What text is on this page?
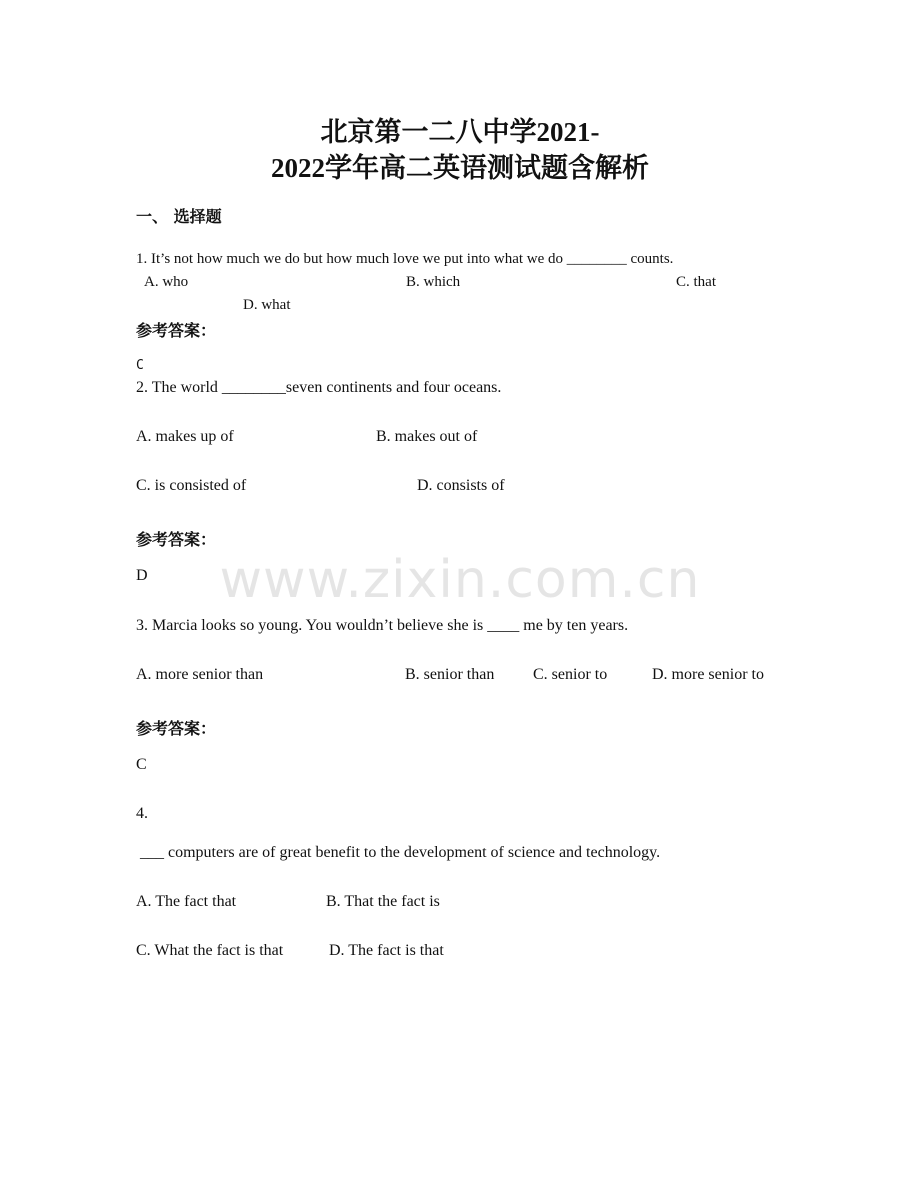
北京第一二八中学2021-
2022学年高二英语测试题含解析
一、 选择题
1. It’s not how much we do but how much love we put into what we do ________ counts.
A. who	B. which	C. that
D. what
参考答案：
C
2. The world ________seven continents and four oceans.
A. makes up of	B. makes out of
C. is consisted of	D. consists of
参考答案：
D	www.zixin.com.cn
3. Marcia looks so young. You wouldn’t believe she is ____ me by ten years.
A. more senior than	B. senior than C. senior to	D. more senior to
参考答案：
C
4.
___ computers are of great benefit to the development of science and technology.
A. The fact that	B. That the fact is
C. What the fact is that	D. The fact is that
